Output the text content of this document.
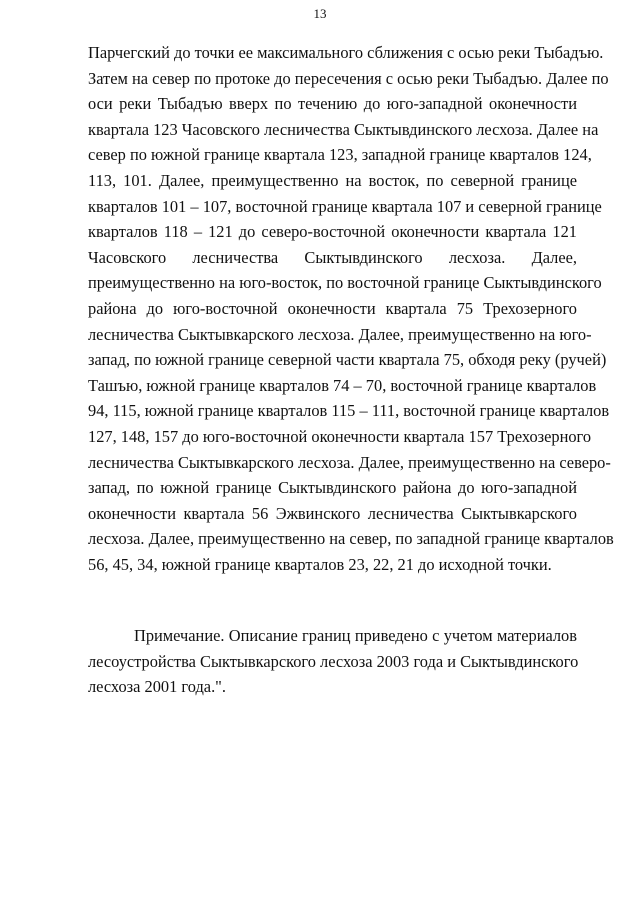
13
Парчегский до точки ее максимального сближения с осью реки Тыбадъю.
Затем на север по протоке до пересечения с осью реки Тыбадъю. Далее по
оси реки Тыбадъю вверх по течению до юго-западной оконечности
квартала 123 Часовского лесничества Сыктывдинского лесхоза. Далее на
север по южной границе квартала 123, западной границе кварталов 124,
113, 101. Далее, преимущественно на восток, по северной границе
кварталов 101 – 107, восточной границе квартала 107 и северной границе
кварталов 118 – 121 до северо-восточной оконечности квартала 121
Часовского лесничества Сыктывдинского лесхоза. Далее,
преимущественно на юго-восток, по восточной границе Сыктывдинского
района до юго-восточной оконечности квартала 75 Трехозерного
лесничества Сыктывкарского лесхоза. Далее, преимущественно на юго-
запад, по южной границе северной части квартала 75, обходя реку (ручей)
Ташъю, южной границе кварталов 74 – 70, восточной границе кварталов
94, 115, южной границе кварталов 115 – 111, восточной границе кварталов
127, 148, 157 до юго-восточной оконечности квартала 157 Трехозерного
лесничества Сыктывкарского лесхоза. Далее, преимущественно на северо-
запад, по южной границе Сыктывдинского района до юго-западной
оконечности квартала 56 Эжвинского лесничества Сыктывкарского
лесхоза. Далее, преимущественно на север, по западной границе кварталов
56, 45, 34, южной границе кварталов 23, 22, 21 до исходной точки.
Примечание. Описание границ приведено с учетом материалов
лесоустройства Сыктывкарского лесхоза 2003 года и Сыктывдинского
лесхоза 2001 года.".
